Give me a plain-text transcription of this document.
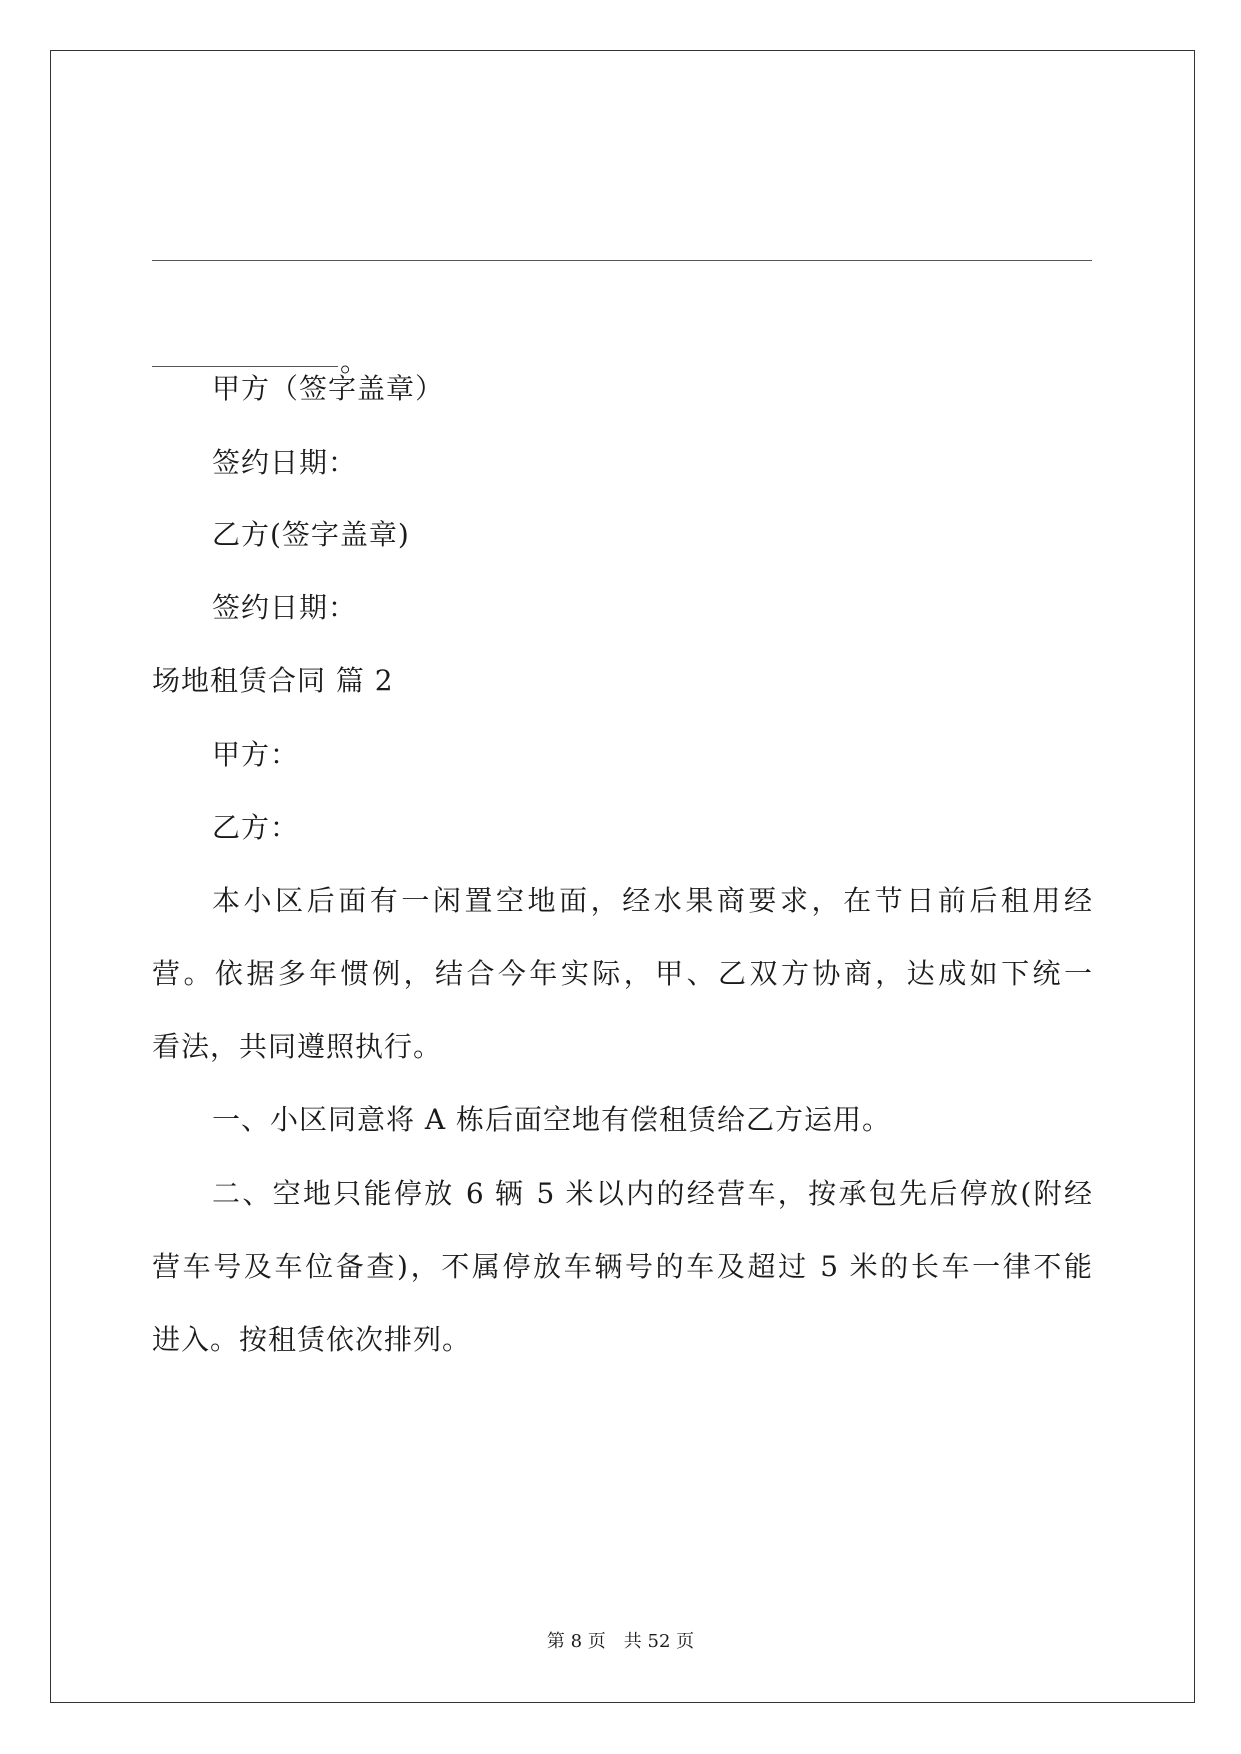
。
甲方（签字盖章）
签约日期：
乙方(签字盖章)
签约日期：
场地租赁合同 篇 2
甲方：
乙方：
本小区后面有一闲置空地面，经水果商要求，在节日前后租用经
营。依据多年惯例，结合今年实际，甲、乙双方协商，达成如下统一
看法，共同遵照执行。
一、小区同意将 A 栋后面空地有偿租赁给乙方运用。
二、空地只能停放 6 辆 5 米以内的经营车，按承包先后停放(附经
营车号及车位备查)，不属停放车辆号的车及超过 5 米的长车一律不能
进入。按租赁依次排列。
第 8 页　共 52 页
